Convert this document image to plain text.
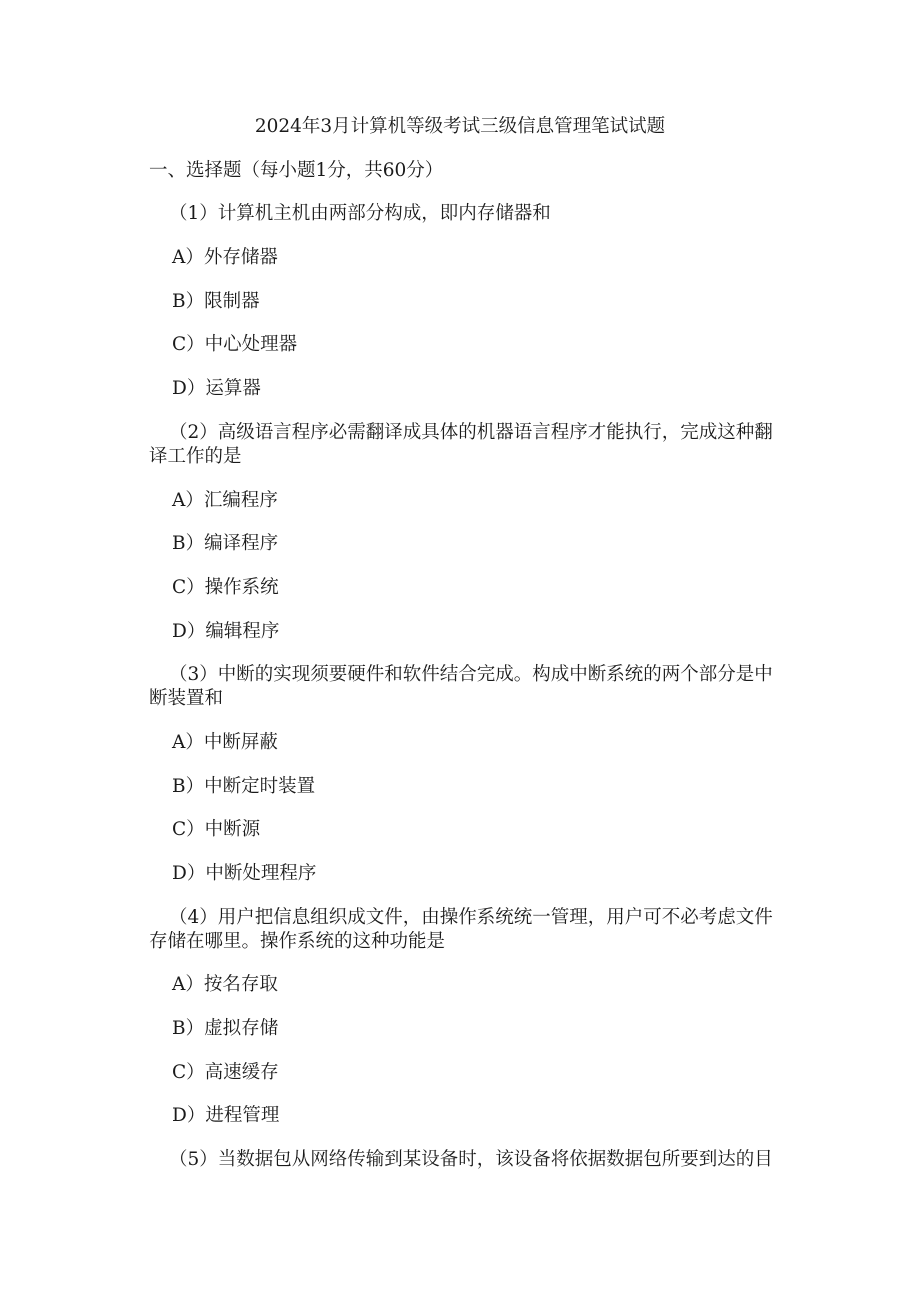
2024年3月计算机等级考试三级信息管理笔试试题
一、选择题（每小题1分，共60分）
（1）计算机主机由两部分构成，即内存储器和
A）外存储器
B）限制器
C）中心处理器
D）运算器
（2）高级语言程序必需翻译成具体的机器语言程序才能执行，完成这种翻
译工作的是
A）汇编程序
B）编译程序
C）操作系统
D）编辑程序
（3）中断的实现须要硬件和软件结合完成。构成中断系统的两个部分是中
断装置和
A）中断屏蔽
B）中断定时装置
C）中断源
D）中断处理程序
（4）用户把信息组织成文件，由操作系统统一管理，用户可不必考虑文件
存储在哪里。操作系统的这种功能是
A）按名存取
B）虚拟存储
C）高速缓存
D）进程管理
（5）当数据包从网络传输到某设备时，该设备将依据数据包所要到达的目
